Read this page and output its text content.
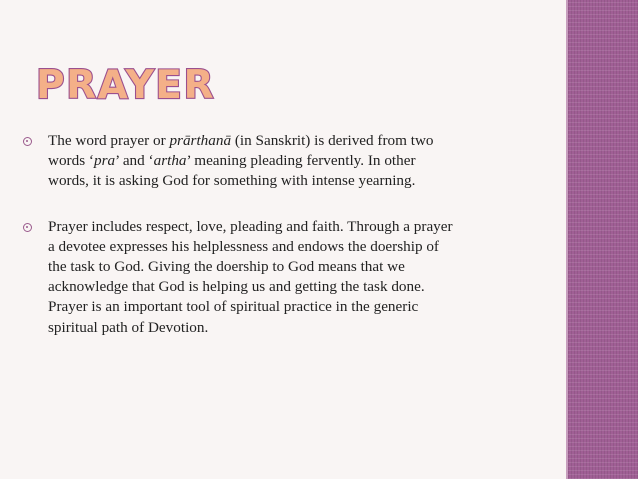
PRAYER
The word prayer or prārthanā (in Sanskrit) is derived from two
words ‘pra’ and ‘artha’ meaning pleading fervently. In other
words, it is asking God for something with intense yearning.
Prayer includes respect, love, pleading and faith. Through a prayer
a devotee expresses his helplessness and endows the doership of
the task to God. Giving the doership to God means that we
acknowledge that God is helping us and getting the task done.
Prayer is an important tool of spiritual practice in the generic
spiritual path of Devotion.
